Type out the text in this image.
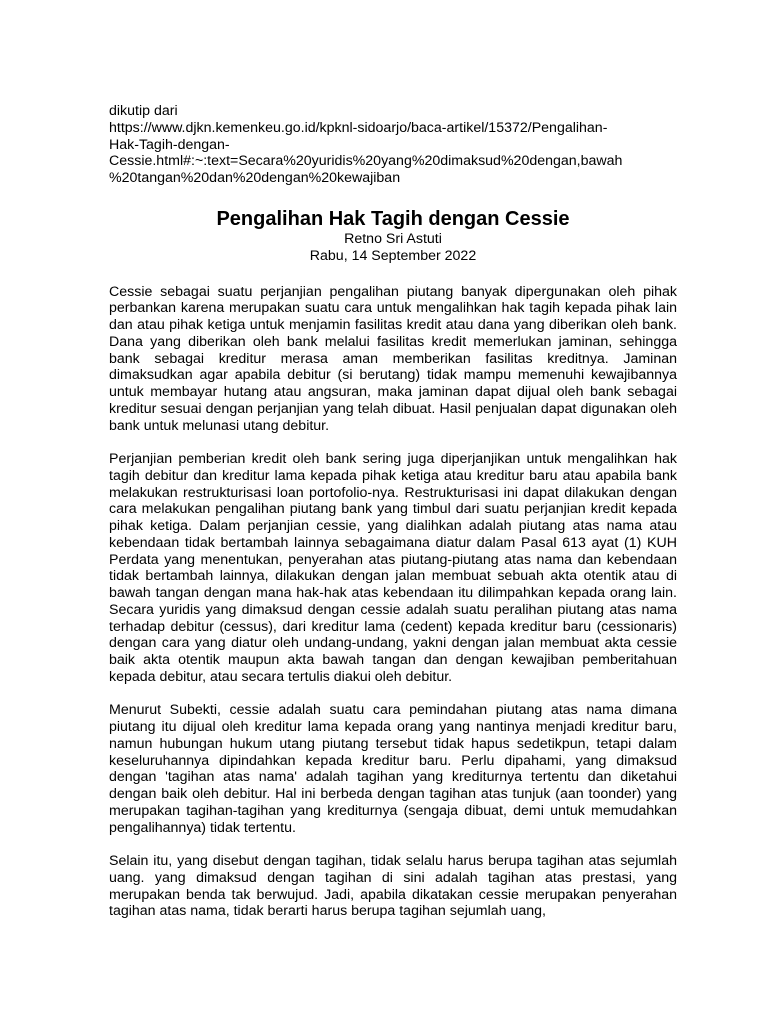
dikutip dari
https://www.djkn.kemenkeu.go.id/kpknl-sidoarjo/baca-artikel/15372/Pengalihan-
Hak-Tagih-dengan-
Cessie.html#:~:text=Secara%20yuridis%20yang%20dimaksud%20dengan,bawah
%20tangan%20dan%20dengan%20kewajiban
Pengalihan Hak Tagih dengan Cessie
Retno Sri Astuti
Rabu, 14 September 2022

Cessie sebagai suatu perjanjian pengalihan piutang banyak dipergunakan oleh pihak perbankan karena merupakan suatu cara untuk mengalihkan hak tagih kepada pihak lain dan atau pihak ketiga untuk menjamin fasilitas kredit atau dana yang diberikan oleh bank. Dana yang diberikan oleh bank melalui fasilitas kredit memerlukan jaminan, sehingga bank sebagai kreditur merasa aman memberikan fasilitas kreditnya. Jaminan dimaksudkan agar apabila debitur (si berutang) tidak mampu memenuhi kewajibannya untuk membayar hutang atau angsuran, maka jaminan dapat dijual oleh bank sebagai kreditur sesuai dengan perjanjian yang telah dibuat. Hasil penjualan dapat digunakan oleh bank untuk melunasi utang debitur.

Perjanjian pemberian kredit oleh bank sering juga diperjanjikan untuk mengalihkan hak tagih debitur dan kreditur lama kepada pihak ketiga atau kreditur baru atau apabila bank melakukan restrukturisasi loan portofolio-nya. Restrukturisasi ini dapat dilakukan dengan cara melakukan pengalihan piutang bank yang timbul dari suatu perjanjian kredit kepada pihak ketiga. Dalam perjanjian cessie, yang dialihkan adalah piutang atas nama atau kebendaan tidak bertambah lainnya sebagaimana diatur dalam Pasal 613 ayat (1) KUH Perdata yang menentukan, penyerahan atas piutang-piutang atas nama dan kebendaan tidak bertambah lainnya, dilakukan dengan jalan membuat sebuah akta otentik atau di bawah tangan dengan mana hak-hak atas kebendaan itu dilimpahkan kepada orang lain. Secara yuridis yang dimaksud dengan cessie adalah suatu peralihan piutang atas nama terhadap debitur (cessus), dari kreditur lama (cedent) kepada kreditur baru (cessionaris) dengan cara yang diatur oleh undang-undang, yakni dengan jalan membuat akta cessie baik akta otentik maupun akta bawah tangan dan dengan kewajiban pemberitahuan kepada debitur, atau secara tertulis diakui oleh debitur.

Menurut Subekti, cessie adalah suatu cara pemindahan piutang atas nama dimana piutang itu dijual oleh kreditur lama kepada orang yang nantinya menjadi kreditur baru, namun hubungan hukum utang piutang tersebut tidak hapus sedetikpun, tetapi dalam keseluruhannya dipindahkan kepada kreditur baru. Perlu dipahami, yang dimaksud dengan 'tagihan atas nama' adalah tagihan yang krediturnya tertentu dan diketahui dengan baik oleh debitur. Hal ini berbeda dengan tagihan atas tunjuk (aan toonder) yang merupakan tagihan-tagihan yang krediturnya (sengaja dibuat, demi untuk memudahkan pengalihannya) tidak tertentu.

Selain itu, yang disebut dengan tagihan, tidak selalu harus berupa tagihan atas sejumlah uang. yang dimaksud dengan tagihan di sini adalah tagihan atas prestasi, yang merupakan benda tak berwujud. Jadi, apabila dikatakan cessie merupakan penyerahan tagihan atas nama, tidak berarti harus berupa tagihan sejumlah uang,
